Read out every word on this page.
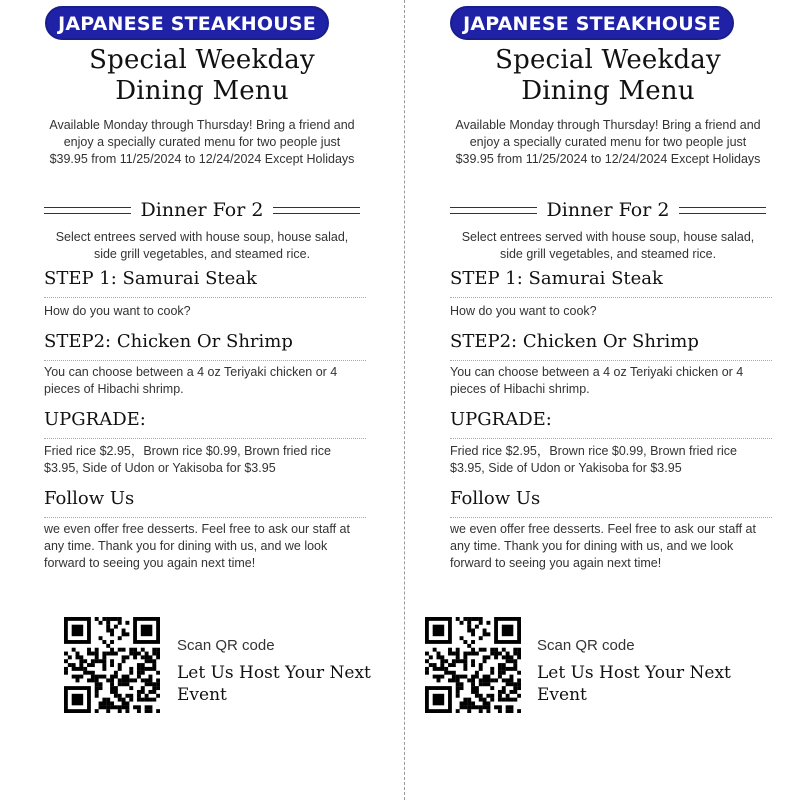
JAPANESE STEAKHOUSE
Special Weekday Dining Menu
Available Monday through Thursday! Bring a friend and enjoy a specially curated menu for two people just $39.95 from 11/25/2024 to 12/24/2024 Except Holidays
Dinner For 2
Select entrees served with house soup, house salad, side grill vegetables, and steamed rice.
STEP 1: Samurai Steak
How do you want to cook?
STEP2: Chicken Or Shrimp
You can choose between a 4 oz Teriyaki chicken or 4 pieces of Hibachi shrimp.
UPGRADE:
Fried rice $2.95，Brown rice $0.99, Brown fried rice $3.95, Side of Udon or Yakisoba for $3.95
Follow Us
we even offer free desserts. Feel free to ask our staff at any time. Thank you for dining with us, and we look forward to seeing you again next time!
Scan QR code
Let Us Host Your Next Event
JAPANESE STEAKHOUSE
Special Weekday Dining Menu
Available Monday through Thursday! Bring a friend and enjoy a specially curated menu for two people just $39.95 from 11/25/2024 to 12/24/2024 Except Holidays
Dinner For 2
Select entrees served with house soup, house salad, side grill vegetables, and steamed rice.
STEP 1: Samurai Steak
How do you want to cook?
STEP2: Chicken Or Shrimp
You can choose between a 4 oz Teriyaki chicken or 4 pieces of Hibachi shrimp.
UPGRADE:
Fried rice $2.95，Brown rice $0.99, Brown fried rice $3.95, Side of Udon or Yakisoba for $3.95
Follow Us
we even offer free desserts. Feel free to ask our staff at any time. Thank you for dining with us, and we look forward to seeing you again next time!
Scan QR code
Let Us Host Your Next Event
